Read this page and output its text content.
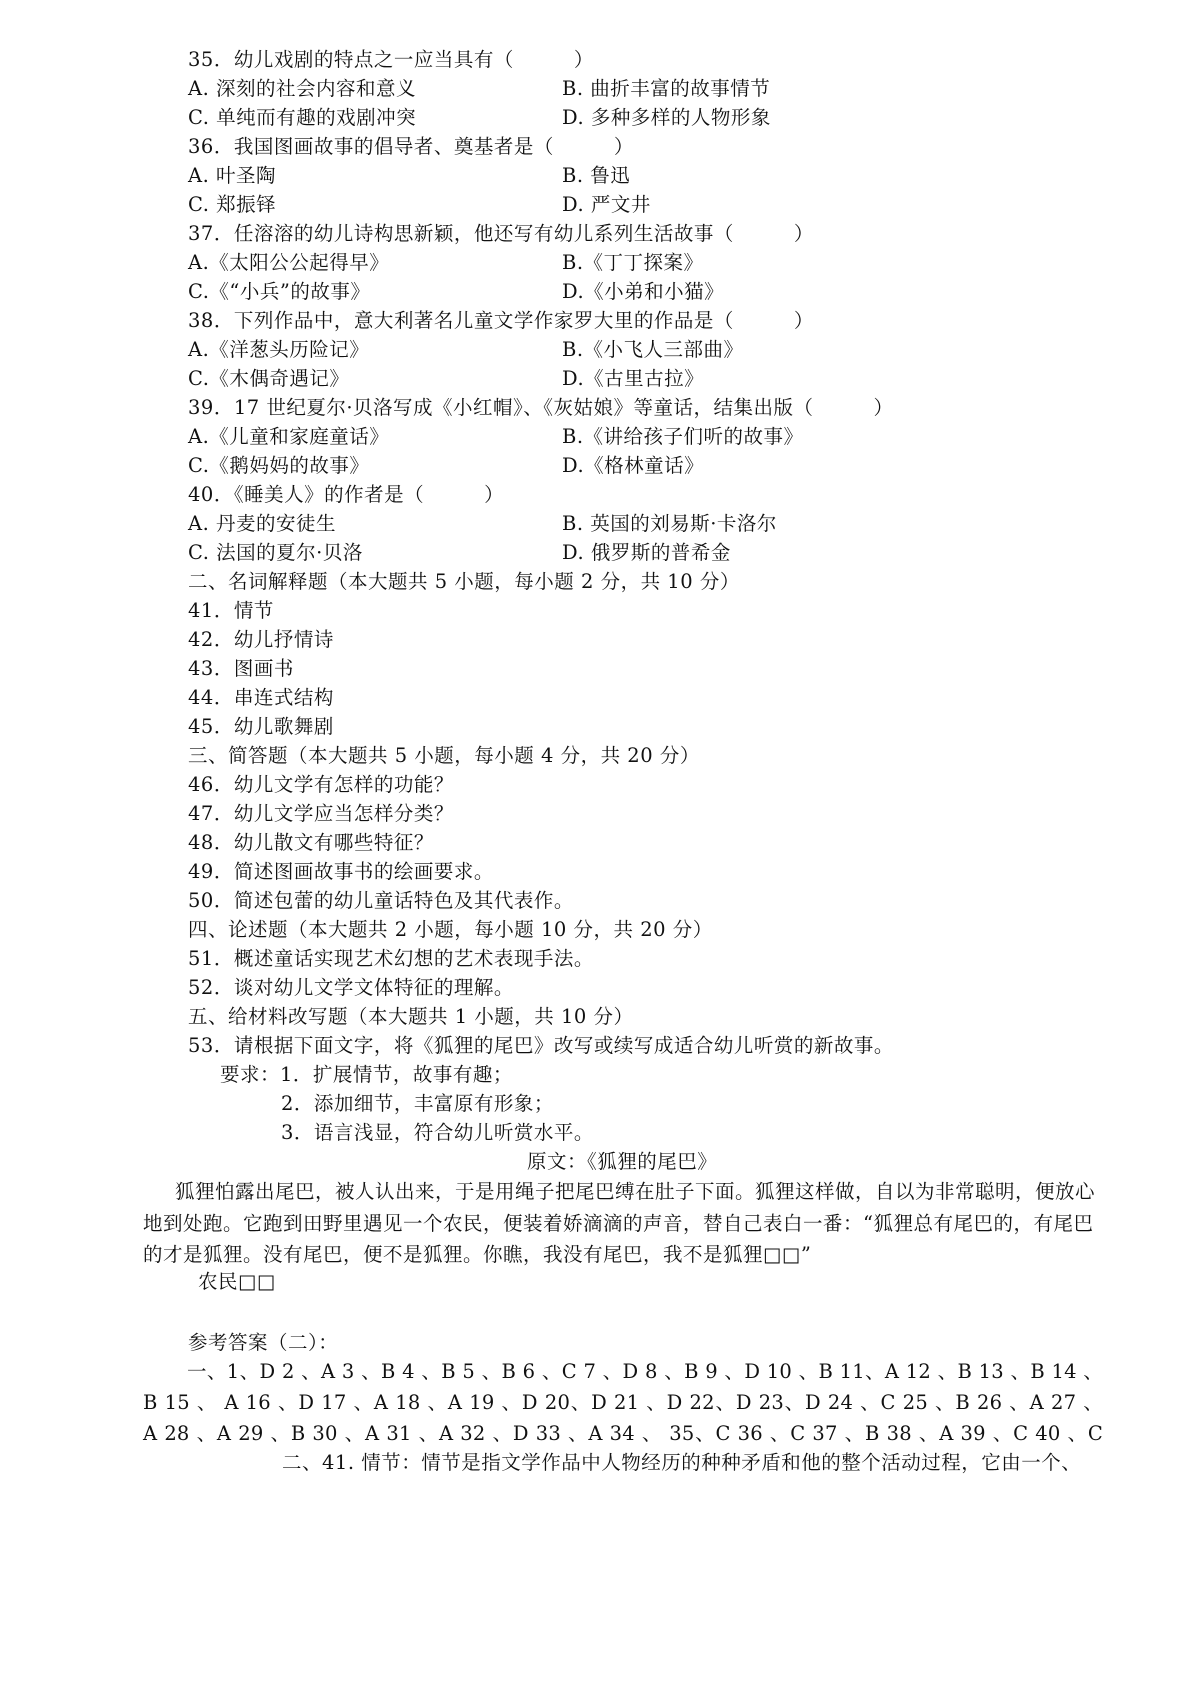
35．幼儿戏剧的特点之一应当具有（　　　）
A. 深刻的社会内容和意义	B. 曲折丰富的故事情节
C. 单纯而有趣的戏剧冲突	D. 多种多样的人物形象
36．我国图画故事的倡导者、奠基者是（　　　）
A. 叶圣陶	B. 鲁迅
C. 郑振铎	D. 严文井
37．任溶溶的幼儿诗构思新颖，他还写有幼儿系列生活故事（　　　）
A.《太阳公公起得早》	B.《丁丁探案》
C.《“小兵”的故事》	D.《小弟和小猫》
38．下列作品中，意大利著名儿童文学作家罗大里的作品是（　　　）
A.《洋葱头历险记》	B.《小飞人三部曲》
C.《木偶奇遇记》	D.《古里古拉》
39．17 世纪夏尔·贝洛写成《小红帽》、《灰姑娘》等童话，结集出版（　　　）
A.《儿童和家庭童话》	B.《讲给孩子们听的故事》
C.《鹅妈妈的故事》	D.《格林童话》
40．《睡美人》的作者是（　　　）
A. 丹麦的安徒生	B. 英国的刘易斯·卡洛尔
C. 法国的夏尔·贝洛	D. 俄罗斯的普希金
二、名词解释题（本大题共 5 小题，每小题 2 分，共 10 分）
41．情节
42．幼儿抒情诗
43．图画书
44．串连式结构
45．幼儿歌舞剧
三、简答题（本大题共 5 小题，每小题 4 分，共 20 分）
46．幼儿文学有怎样的功能？
47．幼儿文学应当怎样分类？
48．幼儿散文有哪些特征？
49．简述图画故事书的绘画要求。
50．简述包蕾的幼儿童话特色及其代表作。
四、论述题（本大题共 2 小题，每小题 10 分，共 20 分）
51．概述童话实现艺术幻想的艺术表现手法。
52．谈对幼儿文学文体特征的理解。
五、给材料改写题（本大题共 1 小题，共 10 分）
53．请根据下面文字，将《狐狸的尾巴》改写或续写成适合幼儿听赏的新故事。
要求：1．扩展情节，故事有趣；
2．添加细节，丰富原有形象；
3．语言浅显，符合幼儿听赏水平。
原文：《狐狸的尾巴》

狐狸怕露出尾巴，被人认出来，于是用绳子把尾巴缚在肚子下面。狐狸这样做，自以为非常聪明，便放心地到处跑。它跑到田野里遇见一个农民，便装着娇滴滴的声音，替自己表白一番：“狐狸总有尾巴的，有尾巴的才是狐狸。没有尾巴，便不是狐狸。你瞧，我没有尾巴，我不是狐狸□□”

农民□□
参考答案（二）：

一、1、D 2 、A 3 、B 4 、B 5 、B 6 、C 7 、D 8 、B 9 、D 10 、B 11、A 12 、B 13 、B 14 、

B 15 、 A 16 、D 17 、A 18 、A 19 、D 20、D 21 、D 22、D 23、D 24 、C 25 、B 26 、A 27 、

A 28 、A 29 、B 30 、A 31 、A 32 、D 33 、A 34 、 35、C 36 、C 37 、B 38 、A 39 、C 40 、C

二、41. 情节：情节是指文学作品中人物经历的种种矛盾和他的整个活动过程，它由一个、
